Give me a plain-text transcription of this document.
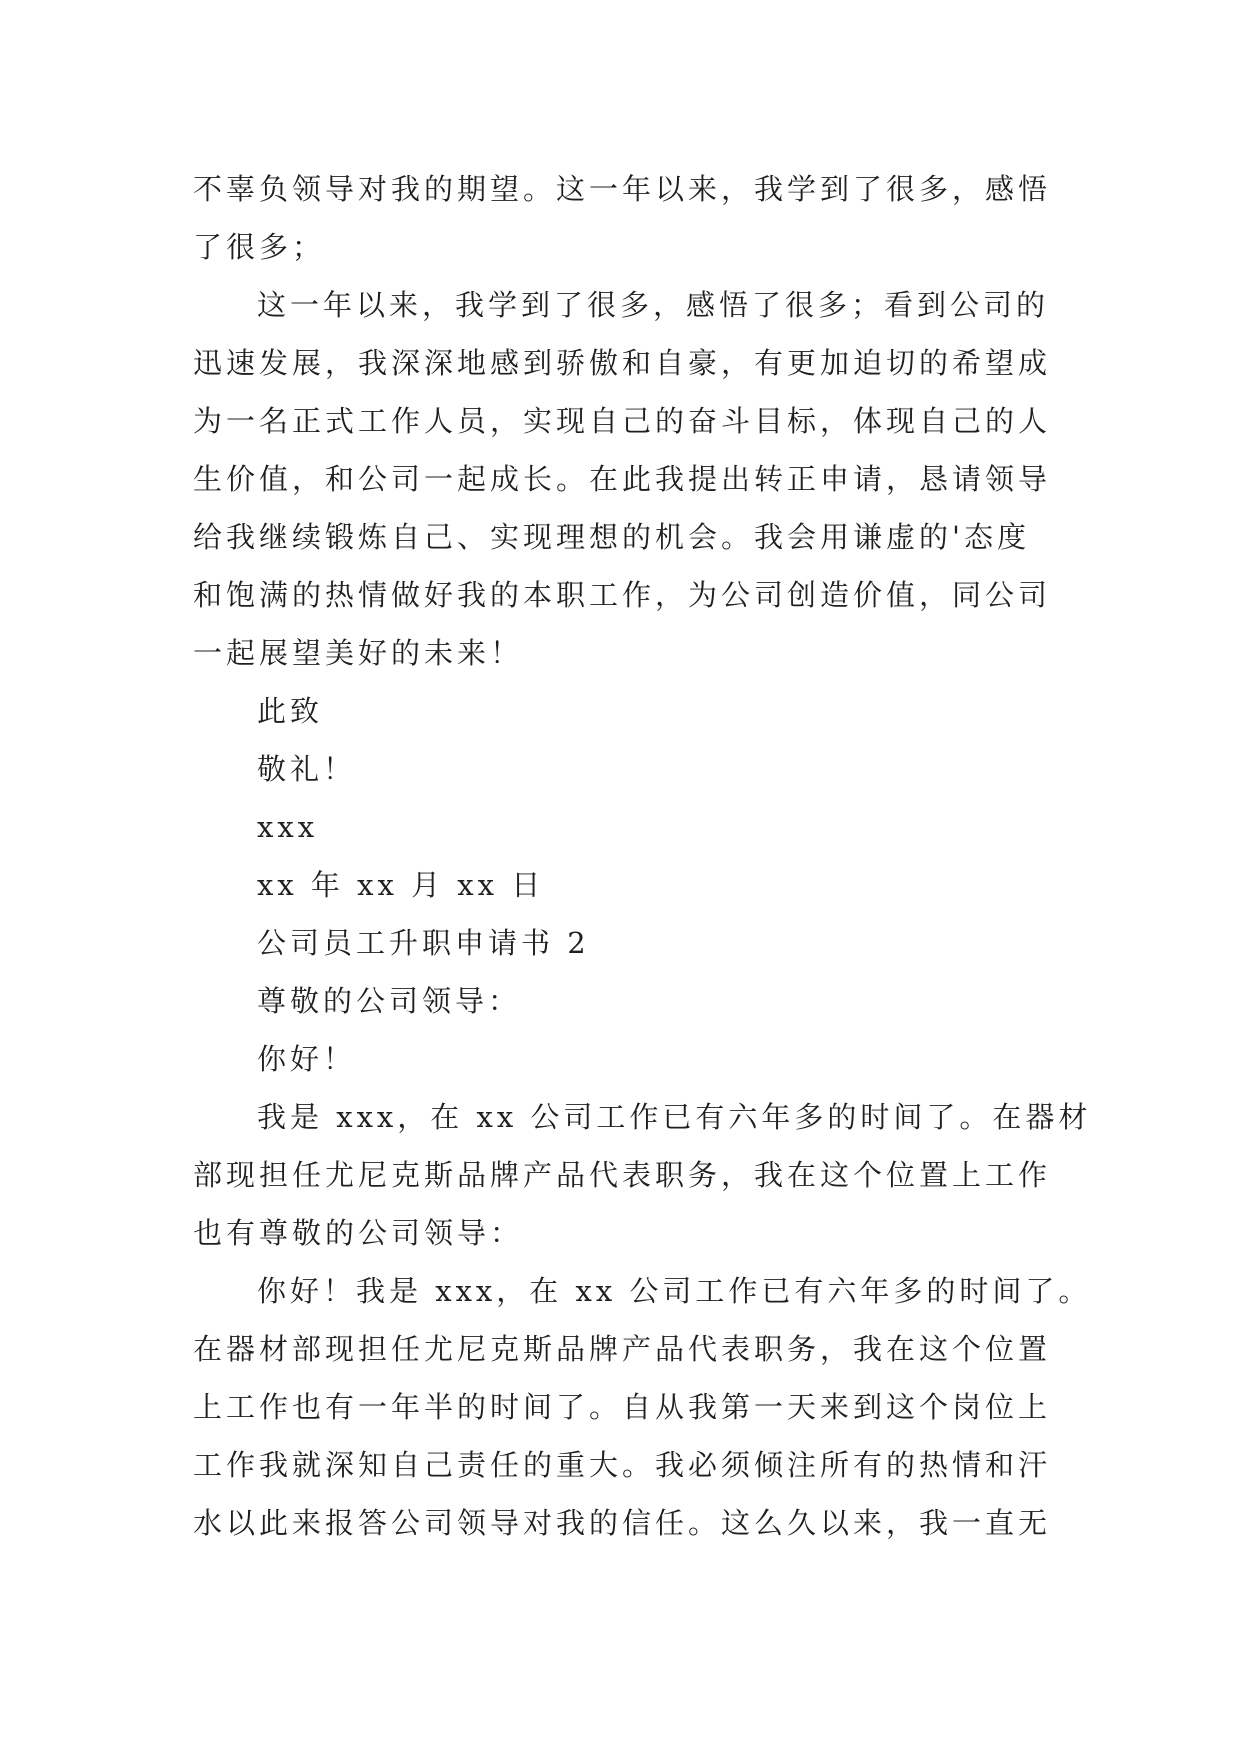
不辜负领导对我的期望。这一年以来，我学到了很多，感悟
了很多；
这一年以来，我学到了很多，感悟了很多；看到公司的
迅速发展，我深深地感到骄傲和自豪，有更加迫切的希望成
为一名正式工作人员，实现自己的奋斗目标，体现自己的人
生价值，和公司一起成长。在此我提出转正申请，恳请领导
给我继续锻炼自己、实现理想的机会。我会用谦虚的'态度
和饱满的热情做好我的本职工作，为公司创造价值，同公司
一起展望美好的未来！
此致
敬礼！
xxx
xx 年 xx 月 xx 日
公司员工升职申请书 2
尊敬的公司领导：
你好！
我是 xxx，在 xx 公司工作已有六年多的时间了。在器材
部现担任尤尼克斯品牌产品代表职务，我在这个位置上工作
也有尊敬的公司领导：
你好！我是 xxx，在 xx 公司工作已有六年多的时间了。
在器材部现担任尤尼克斯品牌产品代表职务，我在这个位置
上工作也有一年半的时间了。自从我第一天来到这个岗位上
工作我就深知自己责任的重大。我必须倾注所有的热情和汗
水以此来报答公司领导对我的信任。这么久以来，我一直无
